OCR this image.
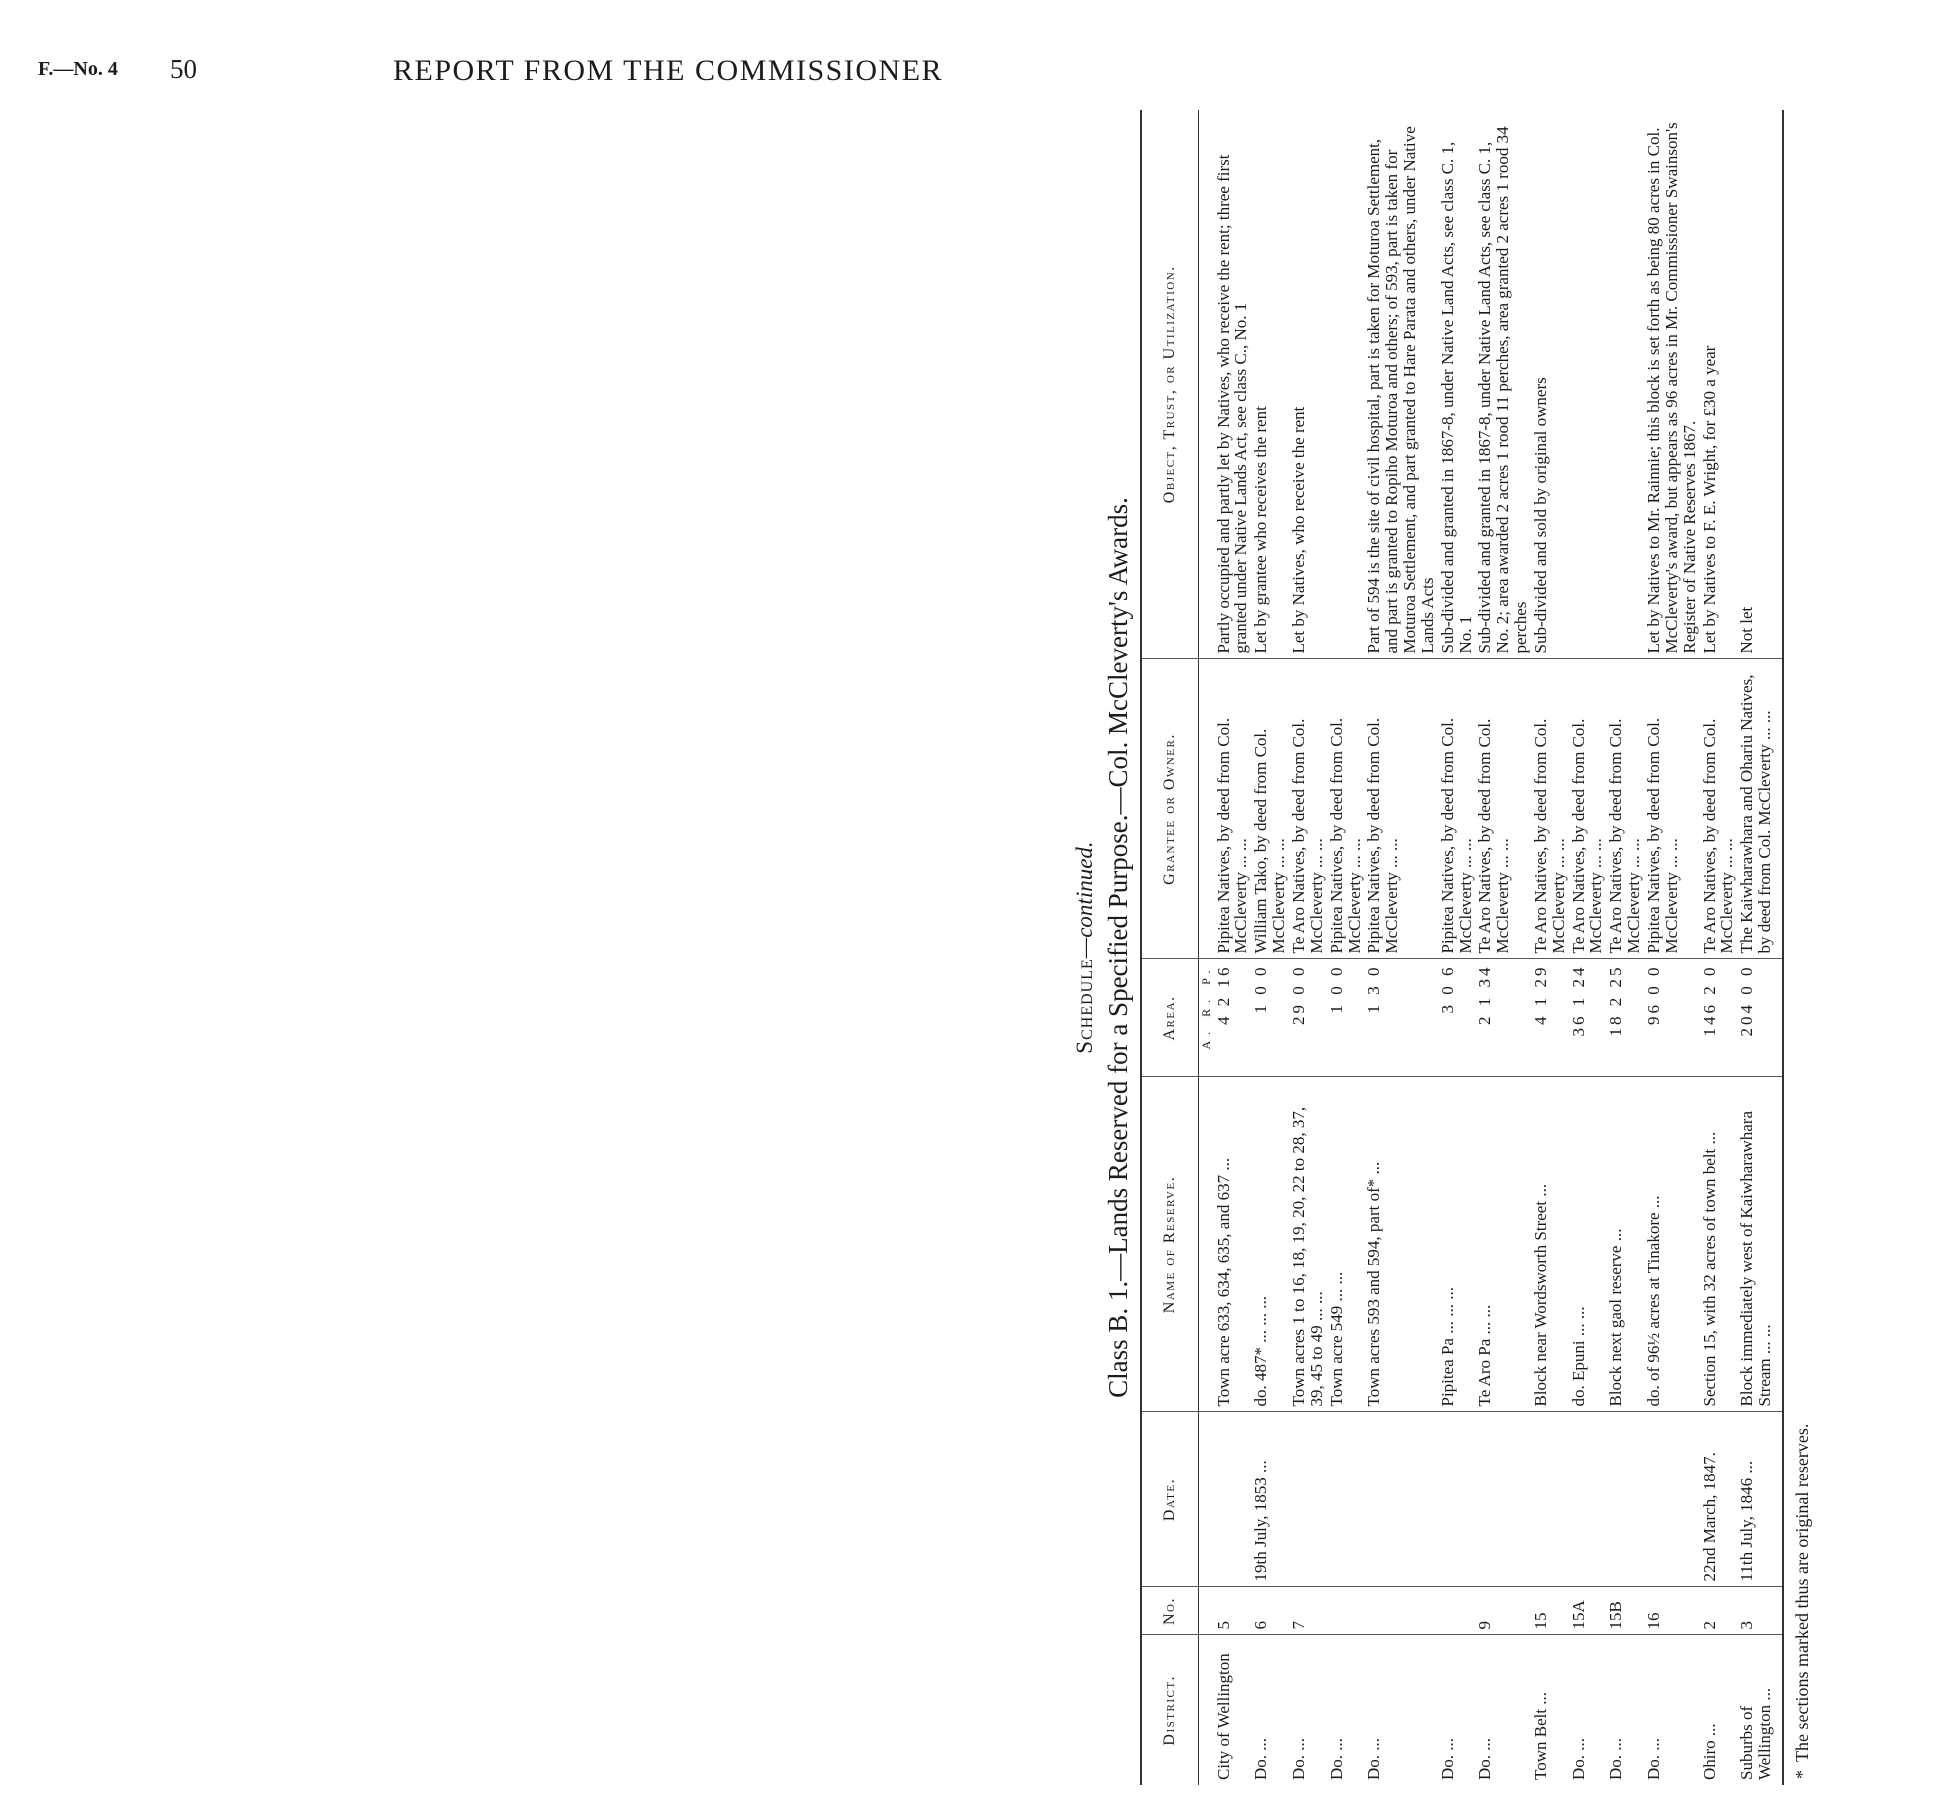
F.—No. 4 50	REPORT FROM THE COMMISSIONER
Schedule—continued. Class B. 1.—Lands Reserved for a Specified Purpose.—Col. McCleverty's Awards.
District.	No.	Date.	Name of Reserve.	Area.	Grantee or Owner.	Object, Trust, or Utilization.
				A. R. P.		
City of Wellington	5		Town acre 633, 634, 635, and 637 ...	4 2 16	Pipitea Natives, by deed from Col. McCleverty ... ...	Partly occupied and partly let by Natives, who receive the rent; three first granted under Native Lands Act, see class C., No. 1
Do. ...	6	19th July, 1853 ...	do. 487* ... ... ...	1 0 0	William Tako, by deed from Col. McCleverty ... ...	Let by grantee who receives the rent
Do. ...	7		Town acres 1 to 16, 18, 19, 20, 22 to 28, 37, 39, 45 to 49 ... ...	29 0 0	Te Aro Natives, by deed from Col. McCleverty ... ...	Let by Natives, who receive the rent
Do. ...			Town acre 549 ... ...	1 0 0	Pipitea Natives, by deed from Col. McCleverty ... ...	
Do. ...			Town acres 593 and 594, part of* ...	1 3 0	Pipitea Natives, by deed from Col. McCleverty ... ...	Part of 594 is the site of civil hospital, part is taken for Moturoa Settlement, and part is granted to Ropiho Moturoa and others; of 593, part is taken for Moturoa Settlement, and part granted to Hare Parata and others, under Native Lands Acts
Do. ...			Pipitea Pa ... ... ...	3 0 6	Pipitea Natives, by deed from Col. McCleverty ... ...	Sub-divided and granted in 1867-8, under Native Land Acts, see class C. 1, No. 1
Do. ...	9		Te Aro Pa ... ...	2 1 34	Te Aro Natives, by deed from Col. McCleverty ... ...	Sub-divided and granted in 1867-8, under Native Land Acts, see class C. 1, No. 2; area awarded 2 acres 1 rood 11 perches, area granted 2 acres 1 rood 34 perches
Town Belt ...	15		Block near Wordsworth Street ...	4 1 29	Te Aro Natives, by deed from Col. McCleverty ... ...	Sub-divided and sold by original owners
Do. ...	15A		do. Epuni ... ...	36 1 24	Te Aro Natives, by deed from Col. McCleverty ... ...	
Do. ...	15B		Block next gaol reserve ...	18 2 25	Te Aro Natives, by deed from Col. McCleverty ... ...	
Do. ...	16		do. of 96½ acres at Tinakore ...	96 0 0	Pipitea Natives, by deed from Col. McCleverty ... ...	Let by Natives to Mr. Rainnie; this block is set forth as being 80 acres in Col. McCleverty's award, but appears as 96 acres in Mr. Commissioner Swainson's Register of Native Reserves 1867.
Ohiro ...	2	22nd March, 1847.	Section 15, with 32 acres of town belt ...	146 2 0	Te Aro Natives, by deed from Col. McCleverty ... ...	Let by Natives to F. E. Wright, for £30 a year
Suburbs of Wellington ...	3	11th July, 1846 ...	Block immediately west of Kaiwharawhara Stream ... ...	204 0 0	The Kaiwharawhara and Ohariu Natives, by deed from Col. McCleverty ... ...	Not let
*The sections marked thus are original reserves.
